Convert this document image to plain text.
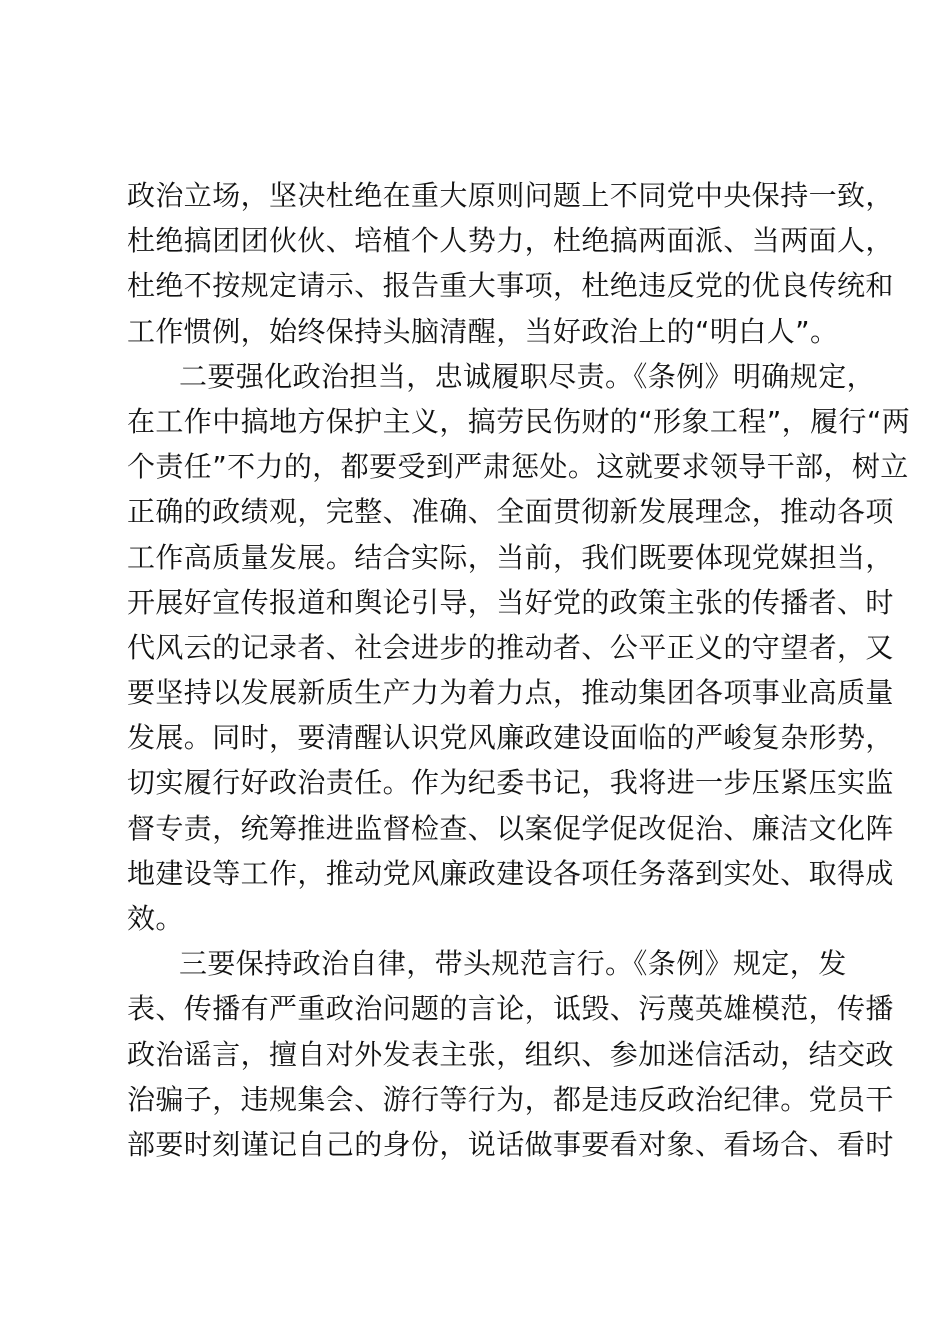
政治立场，坚决杜绝在重大原则问题上不同党中央保持一致，
杜绝搞团团伙伙、培植个人势力，杜绝搞两面派、当两面人，
杜绝不按规定请示、报告重大事项，杜绝违反党的优良传统和
工作惯例，始终保持头脑清醒，当好政治上的“明白人”。
二要强化政治担当，忠诚履职尽责。《条例》明确规定，
在工作中搞地方保护主义，搞劳民伤财的“形象工程”，履行“两
个责任”不力的，都要受到严肃惩处。这就要求领导干部，树立
正确的政绩观，完整、准确、全面贯彻新发展理念，推动各项
工作高质量发展。结合实际，当前，我们既要体现党媒担当，
开展好宣传报道和舆论引导，当好党的政策主张的传播者、时
代风云的记录者、社会进步的推动者、公平正义的守望者，又
要坚持以发展新质生产力为着力点，推动集团各项事业高质量
发展。同时，要清醒认识党风廉政建设面临的严峻复杂形势，
切实履行好政治责任。作为纪委书记，我将进一步压紧压实监
督专责，统筹推进监督检查、以案促学促改促治、廉洁文化阵
地建设等工作，推动党风廉政建设各项任务落到实处、取得成
效。
三要保持政治自律，带头规范言行。《条例》规定，发
表、传播有严重政治问题的言论，诋毁、污蔑英雄模范，传播
政治谣言，擅自对外发表主张，组织、参加迷信活动，结交政
治骗子，违规集会、游行等行为，都是违反政治纪律。党员干
部要时刻谨记自己的身份，说话做事要看对象、看场合、看时
